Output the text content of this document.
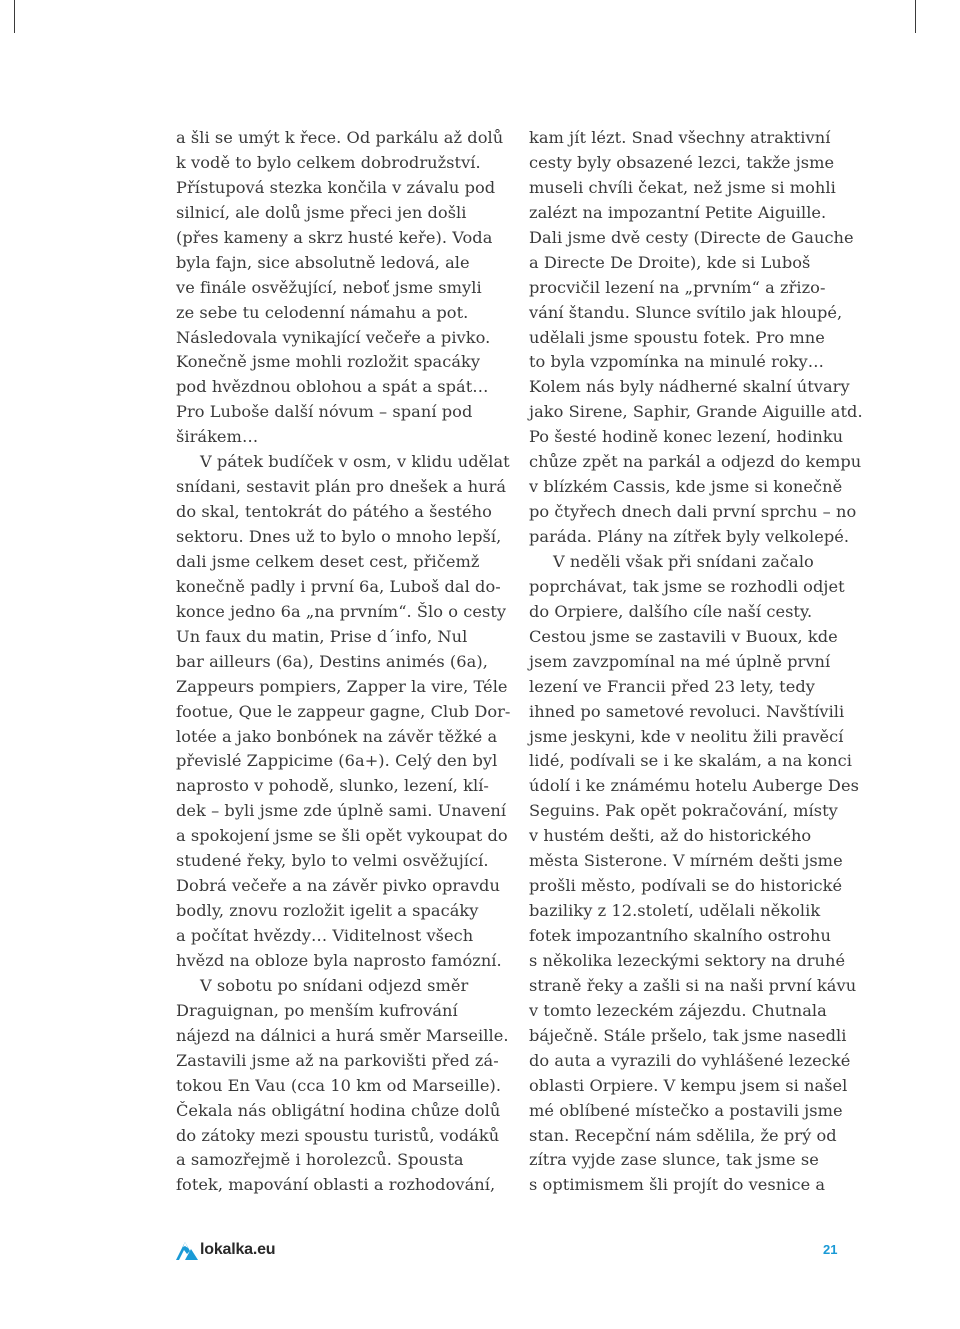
a šli se umýt k řece. Od parkálu až dolů
k vodě to bylo celkem dobrodružství.
Přístupová stezka končila v závalu pod
silnicí, ale dolů jsme přeci jen došli
(přes kameny a skrz husté keře). Voda
byla fajn, sice absolutně ledová, ale
ve finále osvěžující, neboť jsme smyli
ze sebe tu celodenní námahu a pot.
Následovala vynikající večeře a pivko.
Konečně jsme mohli rozložit spacáky
pod hvězdnou oblohou a spát a spát…
Pro Luboše další nóvum – spaní pod
širákem…
V pátek budíček v osm, v klidu udělat
snídani, sestavit plán pro dnešek a hurá
do skal, tentokrát do pátého a šestého
sektoru. Dnes už to bylo o mnoho lepší,
dali jsme celkem deset cest, přičemž
konečně padly i první 6a, Luboš dal do-
konce jedno 6a „na prvním“. Šlo o cesty
Un faux du matin, Prise d´info, Nul
bar ailleurs (6a), Destins animés (6a),
Zappeurs pompiers, Zapper la vire, Téle
footue, Que le zappeur gagne, Club Dor-
lotée a jako bonbónek na závěr těžké a
převislé Zappicime (6a+). Celý den byl
naprosto v pohodě, slunko, lezení, klí-
dek – byli jsme zde úplně sami. Unavení
a spokojení jsme se šli opět vykoupat do
studené řeky, bylo to velmi osvěžující.
Dobrá večeře a na závěr pivko opravdu
bodly, znovu rozložit igelit a spacáky
a počítat hvězdy… Viditelnost všech
hvězd na obloze byla naprosto famózní.
V sobotu po snídani odjezd směr
Draguignan, po menším kufrování
nájezd na dálnici a hurá směr Marseille.
Zastavili jsme až na parkovišti před zá-
tokou En Vau (cca 10 km od Marseille).
Čekala nás obligátní hodina chůze dolů
do zátoky mezi spoustu turistů, vodáků
a samozřejmě i horolezců. Spousta
fotek, mapování oblasti a rozhodování,
kam jít lézt. Snad všechny atraktivní
cesty byly obsazené lezci, takže jsme
museli chvíli čekat, než jsme si mohli
zalézt na impozantní Petite Aiguille.
Dali jsme dvě cesty (Directe de Gauche
a Directe De Droite), kde si Luboš
procvičil lezení na „prvním“ a zřizo-
vání štandu. Slunce svítilo jak hloupé,
udělali jsme spoustu fotek. Pro mne
to byla vzpomínka na minulé roky…
Kolem nás byly nádherné skalní útvary
jako Sirene, Saphir, Grande Aiguille atd.
Po šesté hodině konec lezení, hodinku
chůze zpět na parkál a odjezd do kempu
v blízkém Cassis, kde jsme si konečně
po čtyřech dnech dali první sprchu – no
paráda. Plány na zítřek byly velkolepé.
V neděli však při snídani začalo
poprchávat, tak jsme se rozhodli odjet
do Orpiere, dalšího cíle naší cesty.
Cestou jsme se zastavili v Buoux, kde
jsem zavzpomínal na mé úplně první
lezení ve Francii před 23 lety, tedy
ihned po sametové revoluci. Navštívili
jsme jeskyni, kde v neolitu žili pravěcí
lidé, podívali se i ke skalám, a na konci
údolí i ke známému hotelu Auberge Des
Seguins. Pak opět pokračování, místy
v hustém dešti, až do historického
města Sisterone. V mírném dešti jsme
prošli město, podívali se do historické
baziliky z 12.století, udělali několik
fotek impozantního skalního ostrohu
s několika lezeckými sektory na druhé
straně řeky a zašli si na naši první kávu
v tomto lezeckém zájezdu. Chutnala
báječně. Stále pršelo, tak jsme nasedli
do auta a vyrazili do vyhlášené lezecké
oblasti Orpiere. V kempu jsem si našel
mé oblíbené místečko a postavili jsme
stan. Recepční nám sdělila, že prý od
zítra vyjde zase slunce, tak jsme se
s optimismem šli projít do vesnice a
lokalka.eu	21
